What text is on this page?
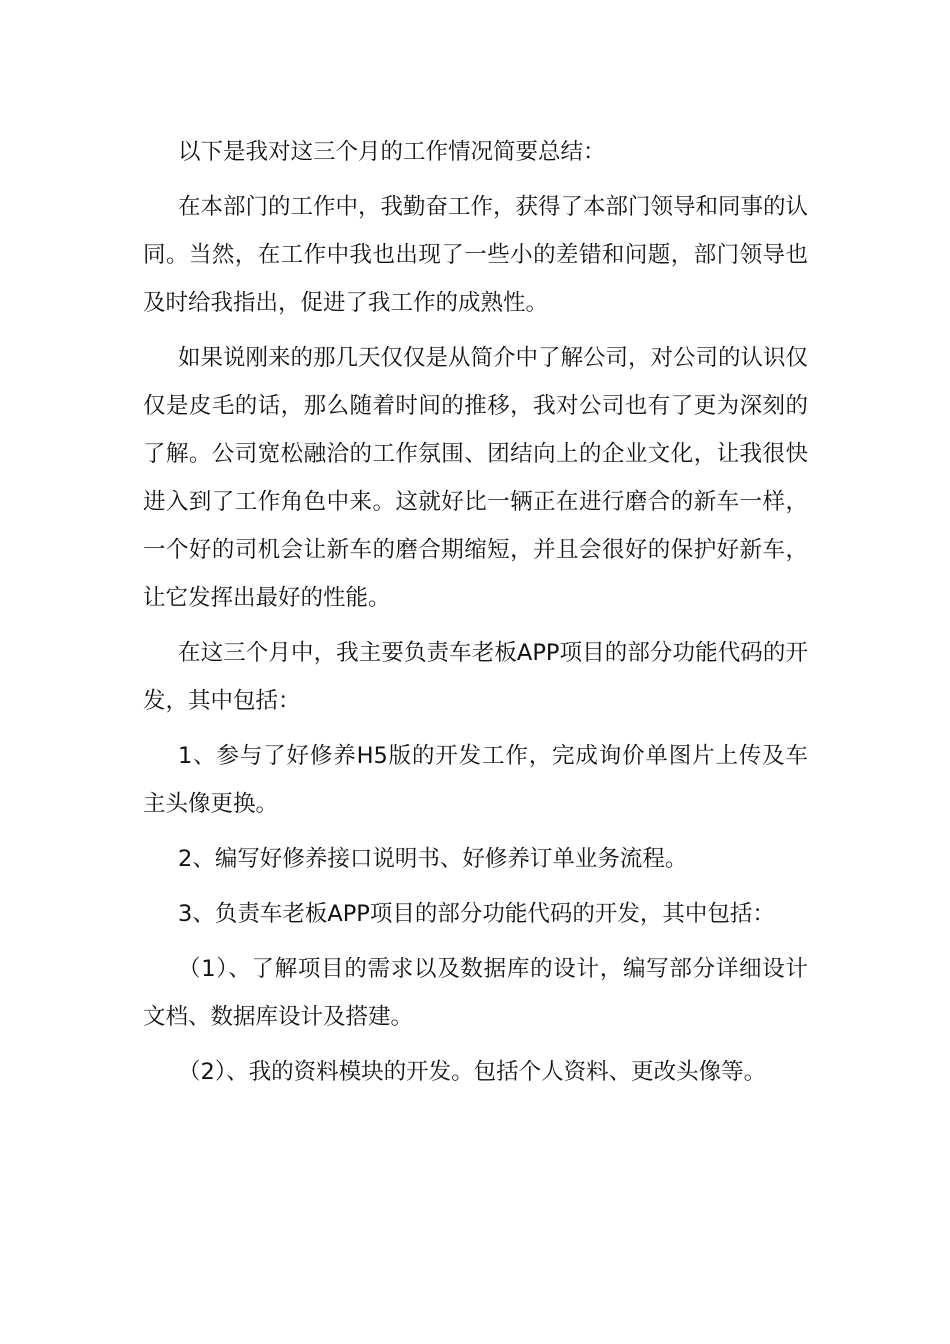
以下是我对这三个月的工作情况简要总结：

在本部门的工作中，我勤奋工作，获得了本部门领导和同事的认同。当然，在工作中我也出现了一些小的差错和问题，部门领导也及时给我指出，促进了我工作的成熟性。

如果说刚来的那几天仅仅是从简介中了解公司，对公司的认识仅仅是皮毛的话，那么随着时间的推移，我对公司也有了更为深刻的了解。公司宽松融洽的工作氛围、团结向上的企业文化，让我很快进入到了工作角色中来。这就好比一辆正在进行磨合的新车一样，一个好的司机会让新车的磨合期缩短，并且会很好的保护好新车，让它发挥出最好的性能。

在这三个月中，我主要负责车老板APP项目的部分功能代码的开发，其中包括：

1、参与了好修养H5版的开发工作，完成询价单图片上传及车主头像更换。

2、编写好修养接口说明书、好修养订单业务流程。

3、负责车老板APP项目的部分功能代码的开发，其中包括：

（1）、了解项目的需求以及数据库的设计，编写部分详细设计文档、数据库设计及搭建。

（2）、我的资料模块的开发。包括个人资料、更改头像等。
